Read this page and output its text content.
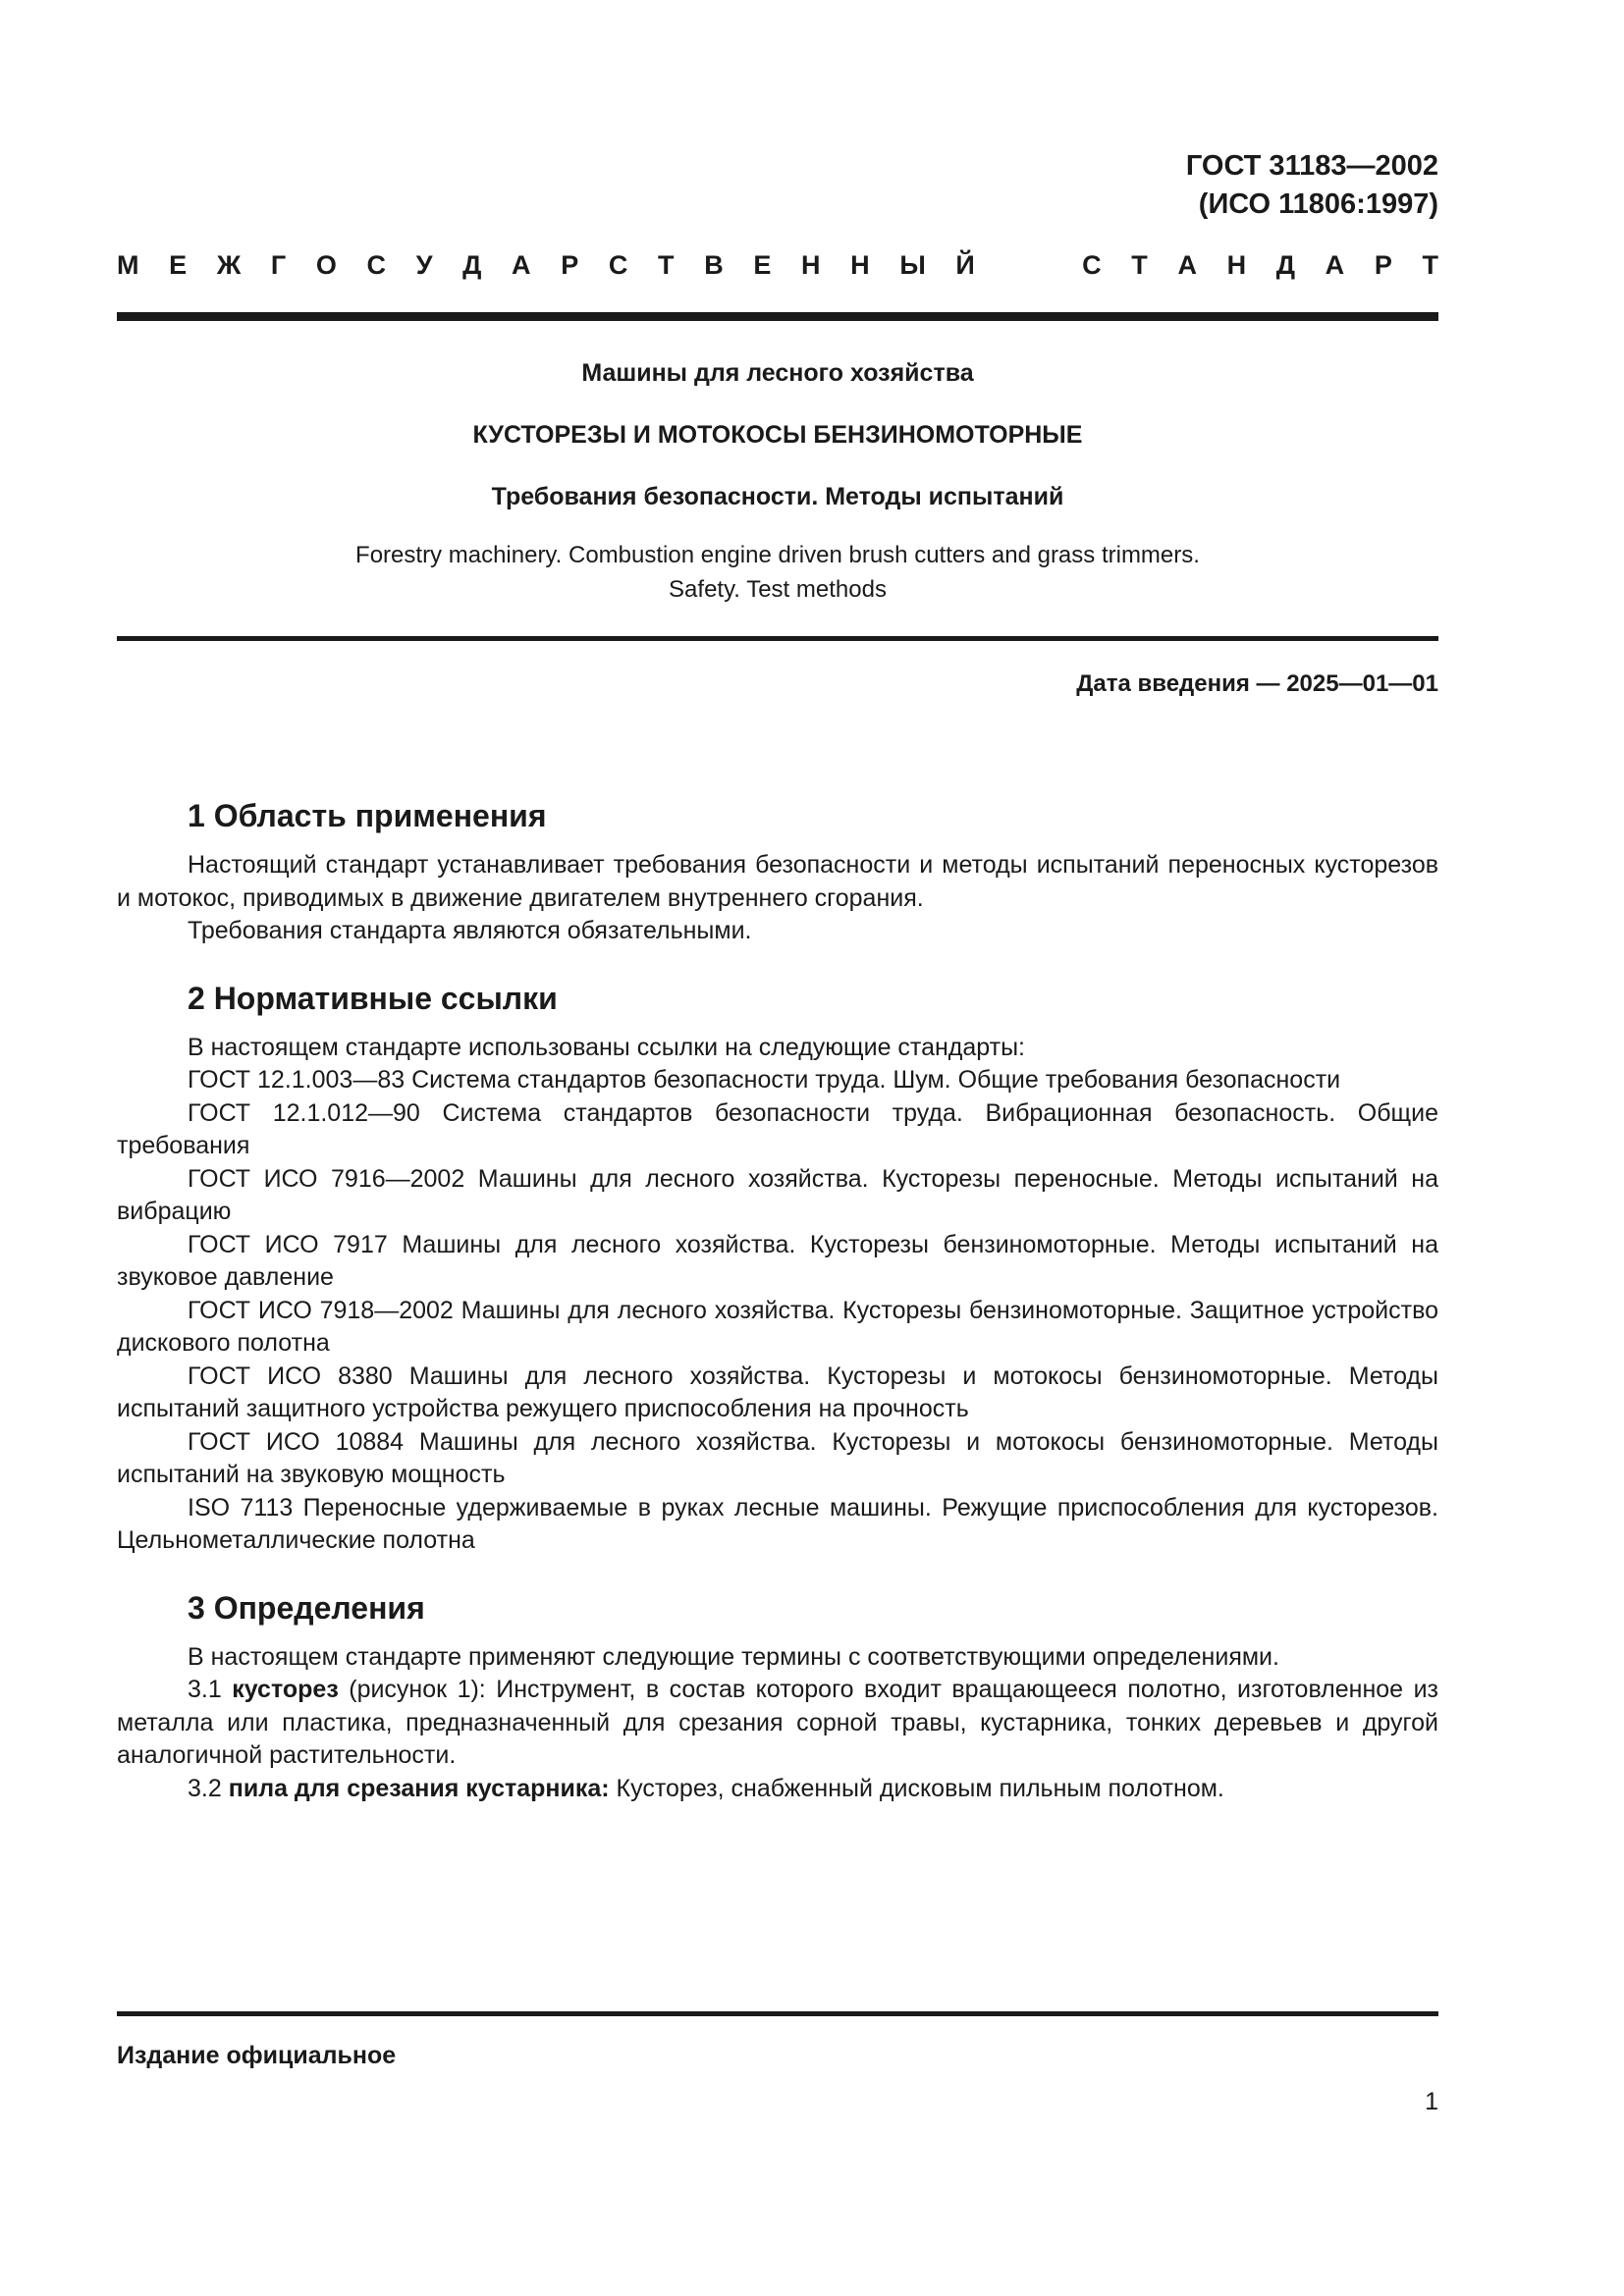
ГОСТ 31183—2002
(ИСО 11806:1997)
М Е Ж Г О С У Д А Р С Т В Е Н Н Ы Й	С Т А Н Д А Р Т
Машины для лесного хозяйства
КУСТОРЕЗЫ И МОТОКОСЫ БЕНЗИНОМОТОРНЫЕ
Требования безопасности. Методы испытаний
Forestry machinery. Combustion engine driven brush cutters and grass trimmers.
Safety. Test methods
Дата введения — 2025—01—01
1 Область применения

Настоящий стандарт устанавливает требования безопасности и методы испытаний переносных кусторезов и мотокос, приводимых в движение двигателем внутреннего сгорания.

Требования стандарта являются обязательными.

2 Нормативные ссылки

В настоящем стандарте использованы ссылки на следующие стандарты:

ГОСТ 12.1.003—83 Система стандартов безопасности труда. Шум. Общие требования безопасности

ГОСТ 12.1.012—90 Система стандартов безопасности труда. Вибрационная безопасность. Общие требования

ГОСТ ИСО 7916—2002 Машины для лесного хозяйства. Кусторезы переносные. Методы испытаний на вибрацию

ГОСТ ИСО 7917 Машины для лесного хозяйства. Кусторезы бензиномоторные. Методы испытаний на звуковое давление

ГОСТ ИСО 7918—2002 Машины для лесного хозяйства. Кусторезы бензиномоторные. Защитное устройство дискового полотна

ГОСТ ИСО 8380 Машины для лесного хозяйства. Кусторезы и мотокосы бензиномоторные. Методы испытаний защитного устройства режущего приспособления на прочность

ГОСТ ИСО 10884 Машины для лесного хозяйства. Кусторезы и мотокосы бензиномоторные. Методы испытаний на звуковую мощность

ISO 7113 Переносные удерживаемые в руках лесные машины. Режущие приспособления для кусторезов. Цельнометаллические полотна

3 Определения

В настоящем стандарте применяют следующие термины с соответствующими определениями.

3.1 кусторез (рисунок 1): Инструмент, в состав которого входит вращающееся полотно, изготовленное из металла или пластика, предназначенный для срезания сорной травы, кустарника, тонких деревьев и другой аналогичной растительности.

3.2 пила для срезания кустарника: Кусторез, снабженный дисковым пильным полотном.

Издание официальное
1
